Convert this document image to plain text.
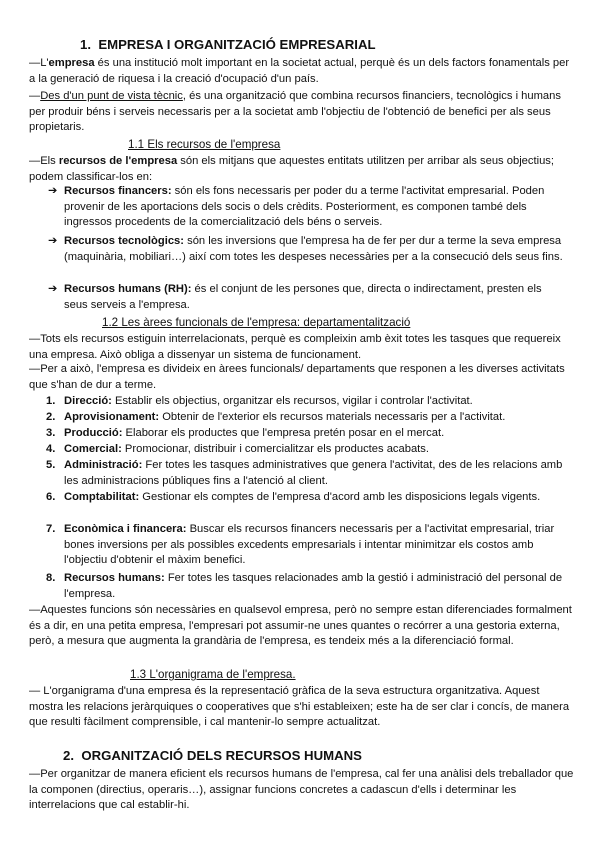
1. EMPRESA I ORGANITZACIÓ EMPRESARIAL

—L'empresa és una institució molt important en la societat actual, perquè és un dels factors fonamentals per a la generació de riquesa i la creació d'ocupació d'un país.

—Des d'un punt de vista tècnic, és una organització que combina recursos financiers, tecnològics i humans per produir béns i serveis necessaris per a la societat amb l'objectiu de l'obtenció de benefici per als seus propietaris.

1.1 Els recursos de l'empresa

—Els recursos de l'empresa són els mitjans que aquestes entitats utilitzen per arribar als seus objectius; podem classificar-los en:

➔ Recursos financers: són els fons necessaris per poder du a terme l'activitat empresarial. Poden provenir de les aportacions dels socis o dels crèdits. Posteriorment, es componen també dels ingressos procedents de la comercialització dels béns o serveis.
➔ Recursos tecnològics: són les inversions que l'empresa ha de fer per dur a terme la seva empresa (maquinària, mobiliari…) així com totes les despeses necessàries per a la consecució dels seus fins.
➔ Recursos humans (RH): és el conjunt de les persones que, directa o indirectament, presten els seus serveis a l'empresa.
1.2 Les àrees funcionals de l'empresa: departamentalització

—Tots els recursos estiguin interrelacionats, perquè es compleixin amb èxit totes les tasques que requereix una empresa. Això obliga a dissenyar un sistema de funcionament.

—Per a això, l'empresa es divideix en àrees funcionals/ departaments que responen a les diverses activitats que s'han de dur a terme.

1. Direcció: Establir els objectius, organitzar els recursos, vigilar i controlar l'activitat.
2. Aprovisionament: Obtenir de l'exterior els recursos materials necessaris per a l'activitat.
3. Producció: Elaborar els productes que l'empresa pretén posar en el mercat.
4. Comercial: Promocionar, distribuir i comercialitzar els productes acabats.
5. Administració: Fer totes les tasques administratives que genera l'activitat, des de les relacions amb les administracions públiques fins a l'atenció al client.
6. Comptabilitat: Gestionar els comptes de l'empresa d'acord amb les disposicions legals vigents.
7. Econòmica i financera: Buscar els recursos financers necessaris per a l'activitat empresarial, triar bones inversions per als possibles excedents empresarials i intentar minimitzar els costos amb l'objectiu d'obtenir el màxim benefici.
8. Recursos humans: Fer totes les tasques relacionades amb la gestió i administració del personal de l'empresa.

—Aquestes funcions són necessàries en qualsevol empresa, però no sempre estan diferenciades formalment és a dir, en una petita empresa, l'empresari pot assumir-ne unes quantes o recórrer a una gestoria externa, però, a mesura que augmenta la grandària de l'empresa, es tendeix més a la diferenciació formal.

1.3 L'organigrama de l'empresa.

— L'organigrama d'una empresa és la representació gràfica de la seva estructura organitzativa. Aquest mostra les relacions jeràrquiques o cooperatives que s'hi estableixen; este ha de ser clar i concís, de manera que resulti fàcilment comprensible, i cal mantenir-lo sempre actualitzat.

2. ORGANITZACIÓ DELS RECURSOS HUMANS

—Per organitzar de manera eficient els recursos humans de l'empresa, cal fer una anàlisi dels treballador que la componen (directius, operaris…), assignar funcions concretes a cadascun d'ells i determinar les interrelacions que cal establir-hi.
